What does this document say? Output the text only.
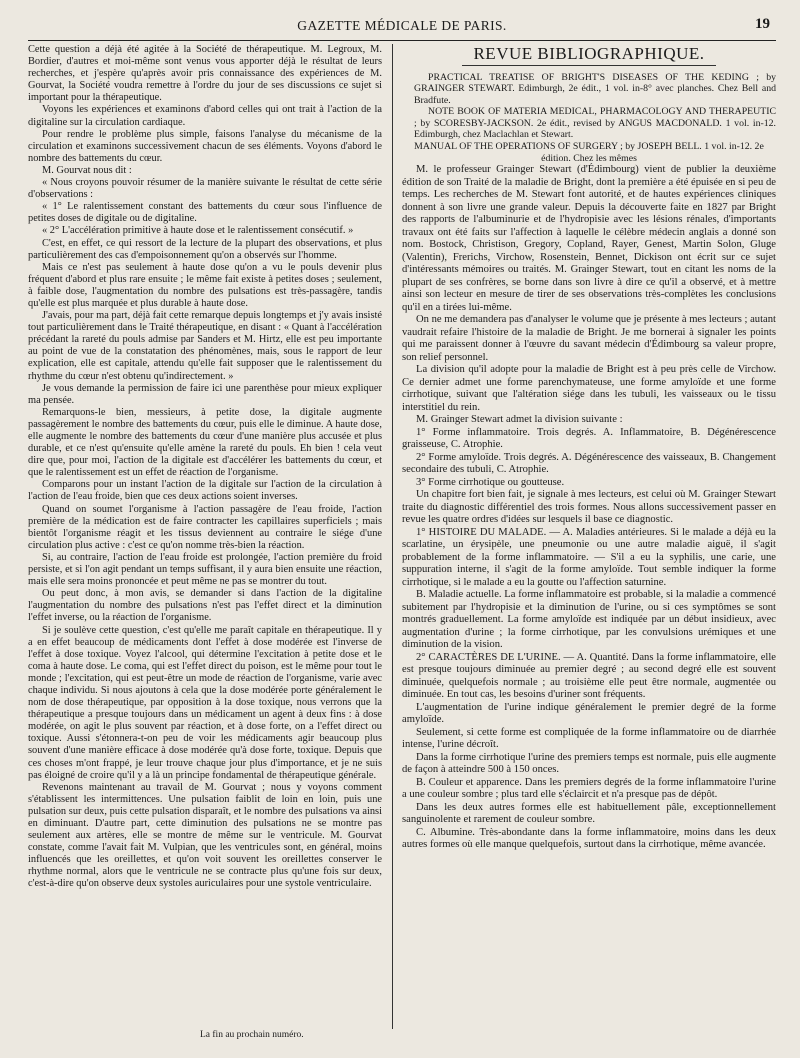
GAZETTE MÉDICALE DE PARIS.	19

Cette question a déjà été agitée à la Société de thérapeutique. M. Legroux, M. Bordier, d'autres et moi-même sont venus vous apporter déjà le résultat de leurs recherches, et j'espère qu'après avoir pris connaissance des expériences de M. Gourvat, la Société voudra remettre à l'ordre du jour de ses discussions ce sujet si important pour la thérapeutique.

Voyons les expériences et examinons d'abord celles qui ont trait à l'action de la digitaline sur la circulation cardiaque.

Pour rendre le problème plus simple, faisons l'analyse du mécanisme de la circulation et examinons successivement chacun de ses éléments. Voyons d'abord le nombre des battements du cœur.

M. Gourvat nous dit :

« Nous croyons pouvoir résumer de la manière suivante le résultat de cette série d'observations :

« 1° Le ralentissement constant des battements du cœur sous l'influence de petites doses de digitale ou de digitaline.

« 2° L'accélération primitive à haute dose et le ralentissement consécutif. »

C'est, en effet, ce qui ressort de la lecture de la plupart des observations, et plus particulièrement des cas d'empoisonnement qu'on a observés sur l'homme.

Mais ce n'est pas seulement à haute dose qu'on a vu le pouls devenir plus fréquent d'abord et plus rare ensuite ; le même fait existe à petites doses ; seulement, à faible dose, l'augmentation du nombre des pulsations est très-passagère, tandis qu'elle est plus marquée et plus durable à haute dose.

J'avais, pour ma part, déjà fait cette remarque depuis longtemps et j'y avais insisté tout particulièrement dans le Traité thérapeutique, en disant : « Quant à l'accélération précédant la rareté du pouls admise par Sanders et M. Hirtz, elle est peu importante au point de vue de la constatation des phénomènes, mais, sous le rapport de leur explication, elle est capitale, attendu qu'elle fait supposer que le ralentissement du rhythme du cœur n'est obtenu qu'indirectement. »

Je vous demande la permission de faire ici une parenthèse pour mieux expliquer ma pensée.

Remarquons-le bien, messieurs, à petite dose, la digitale augmente passagèrement le nombre des battements du cœur, puis elle le diminue. A haute dose, elle augmente le nombre des battements du cœur d'une manière plus accusée et plus durable, et ce n'est qu'ensuite qu'elle amène la rareté du pouls. Eh bien ! cela veut dire que, pour moi, l'action de la digitale est d'accélérer les battements du cœur, et que le ralentissement est un effet de réaction de l'organisme.

Comparons pour un instant l'action de la digitale sur l'action de la circulation à l'action de l'eau froide, bien que ces deux actions soient inverses.

Quand on soumet l'organisme à l'action passagère de l'eau froide, l'action première de la médication est de faire contracter les capillaires superficiels ; mais bientôt l'organisme réagit et les tissus deviennent au contraire le siége d'une circulation plus active : c'est ce qu'on nomme très-bien la réaction.

Si, au contraire, l'action de l'eau froide est prolongée, l'action première du froid persiste, et si l'on agit pendant un temps suffisant, il y aura bien ensuite une réaction, mais elle sera moins prononcée et peut même ne pas se montrer du tout.

Ou peut donc, à mon avis, se demander si dans l'action de la digitaline l'augmentation du nombre des pulsations n'est pas l'effet direct et la diminution l'effet inverse, ou la réaction de l'organisme.

Si je soulève cette question, c'est qu'elle me paraît capitale en thérapeutique. Il y a en effet beaucoup de médicaments dont l'effet à dose modérée est l'inverse de l'effet à dose toxique. Voyez l'alcool, qui détermine l'excitation à petite dose et le coma à haute dose. Le coma, qui est l'effet direct du poison, est le même pour tout le monde ; l'excitation, qui est peut-être un mode de réaction de l'organisme, varie avec chaque individu. Si nous ajoutons à cela que la dose modérée porte généralement le nom de dose thérapeutique, par opposition à la dose toxique, nous verrons que la thérapeutique a presque toujours dans un médicament un agent à deux fins : à dose modérée, on agit le plus souvent par réaction, et à dose forte, on a l'effet direct ou toxique. Aussi s'étonnera-t-on peu de voir les médicaments agir beaucoup plus souvent d'une manière efficace à dose modérée qu'à dose forte, toxique. Depuis que ces choses m'ont frappé, je leur trouve chaque jour plus d'importance, et je ne suis pas éloigné de croire qu'il y a là un principe fondamental de thérapeutique générale.

Revenons maintenant au travail de M. Gourvat ; nous y voyons comment s'établissent les intermittences. Une pulsation faiblit de loin en loin, puis une pulsation sur deux, puis cette pulsation disparaît, et le nombre des pulsations va ainsi en diminuant. D'autre part, cette diminution des pulsations ne se montre pas seulement aux artères, elle se montre de même sur le ventricule. M. Gourvat constate, comme l'avait fait M. Vulpian, que les ventricules sont, en général, moins influencés que les oreillettes, et qu'on voit souvent les oreillettes conserver le rhythme normal, alors que le ventricule ne se contracte plus qu'une fois sur deux, c'est-à-dire qu'on observe deux systoles auriculaires pour une systole ventriculaire.

REVUE BIBLIOGRAPHIQUE.

PRACTICAL TREATISE OF BRIGHT'S DISEASES OF THE KEDING ; by GRAINGER STEWART. Edimburgh, 2e édit., 1 vol. in-8° avec planches. Chez Bell and Bradfute.

NOTE BOOK OF MATERIA MEDICAL, PHARMACOLOGY AND THERAPEUTIC ; by SCORESBY-JACKSON. 2e édit., revised by ANGUS MACDONALD. 1 vol. in-12. Edimburgh, chez Maclachlan et Stewart.

MANUAL OF THE OPERATIONS OF SURGERY ; by JOSEPH BELL. 1 vol. in-12. 2e édition. Chez les mêmes

M. le professeur Grainger Stewart (d'Édimbourg) vient de publier la deuxième édition de son Traité de la maladie de Bright, dont la première a été épuisée en si peu de temps. Les recherches de M. Stewart font autorité, et de hautes expériences cliniques donnent à son livre une grande valeur. Depuis la découverte faite en 1827 par Bright des rapports de l'albuminurie et de l'hydropisie avec les lésions rénales, d'importants travaux ont été faits sur l'affection à laquelle le célèbre médecin anglais a donné son nom. Bostock, Christison, Gregory, Copland, Rayer, Genest, Martin Solon, Gluge (Valentin), Frerichs, Virchow, Rosenstein, Bennet, Dickison ont écrit sur ce sujet d'intéressants mémoires ou traités. M. Grainger Stewart, tout en citant les noms de la plupart de ses confrères, se borne dans son livre à dire ce qu'il a observé, et à mettre ainsi son lecteur en mesure de tirer de ses observations très-complètes les conclusions qu'il en a tirées lui-même.

On ne me demandera pas d'analyser le volume que je présente à mes lecteurs ; autant vaudrait refaire l'histoire de la maladie de Bright. Je me bornerai à signaler les points qui me paraissent donner à l'œuvre du savant médecin d'Édimbourg sa valeur propre, son relief personnel.

La division qu'il adopte pour la maladie de Bright est à peu près celle de Virchow. Ce dernier admet une forme parenchymateuse, une forme amyloïde et une forme cirrhotique, suivant que l'altération siége dans les tubuli, les vaisseaux ou le tissu interstitiel du rein.

M. Grainger Stewart admet la division suivante :

1° Forme inflammatoire. Trois degrés. A. Inflammatoire, B. Dégénérescence graisseuse, C. Atrophie.

2° Forme amyloïde. Trois degrés. A. Dégénérescence des vaisseaux, B. Changement secondaire des tubuli, C. Atrophie.

3° Forme cirrhotique ou goutteuse.

Un chapitre fort bien fait, je signale à mes lecteurs, est celui où M. Grainger Stewart traite du diagnostic différentiel des trois formes. Nous allons successivement passer en revue les quatre ordres d'idées sur lesquels il base ce diagnostic.

1° HISTOIRE DU MALADE. — A. Maladies antérieures. Si le malade a déjà eu la scarlatine, un érysipèle, une pneumonie ou une autre maladie aiguë, il s'agit probablement de la forme inflammatoire. — S'il a eu la syphilis, une carie, une suppuration interne, il s'agit de la forme amyloïde. Tout semble indiquer la forme cirrhotique, si le malade a eu la goutte ou l'affection saturnine.

B. Maladie actuelle. La forme inflammatoire est probable, si la maladie a commencé subitement par l'hydropisie et la diminution de l'urine, ou si ces symptômes se sont montrés graduellement. La forme amyloïde est indiquée par un début insidieux, avec augmentation d'urine ; la forme cirrhotique, par les convulsions urémiques et une diminution de la vision.

2° CARACTÈRES DE L'URINE. — A. Quantité. Dans la forme inflammatoire, elle est presque toujours diminuée au premier degré ; au second degré elle est souvent diminuée, quelquefois normale ; au troisième elle peut être normale, augmentée ou diminuée. En tout cas, les besoins d'uriner sont fréquents.

L'augmentation de l'urine indique généralement le premier degré de la forme amyloïde.

Seulement, si cette forme est compliquée de la forme inflammatoire ou de diarrhée intense, l'urine décroît.

Dans la forme cirrhotique l'urine des premiers temps est normale, puis elle augmente de façon à atteindre 500 à 150 onces.

B. Couleur et apparence. Dans les premiers degrés de la forme inflammatoire l'urine a une couleur sombre ; plus tard elle s'éclaircit et n'a presque pas de dépôt.

Dans les deux autres formes elle est habituellement pâle, exceptionnellement sanguinolente et rarement de couleur sombre.

C. Albumine. Très-abondante dans la forme inflammatoire, moins dans les deux autres formes où elle manque quelquefois, surtout dans la cirrhotique, même avancée.

La fin au prochain numéro.
